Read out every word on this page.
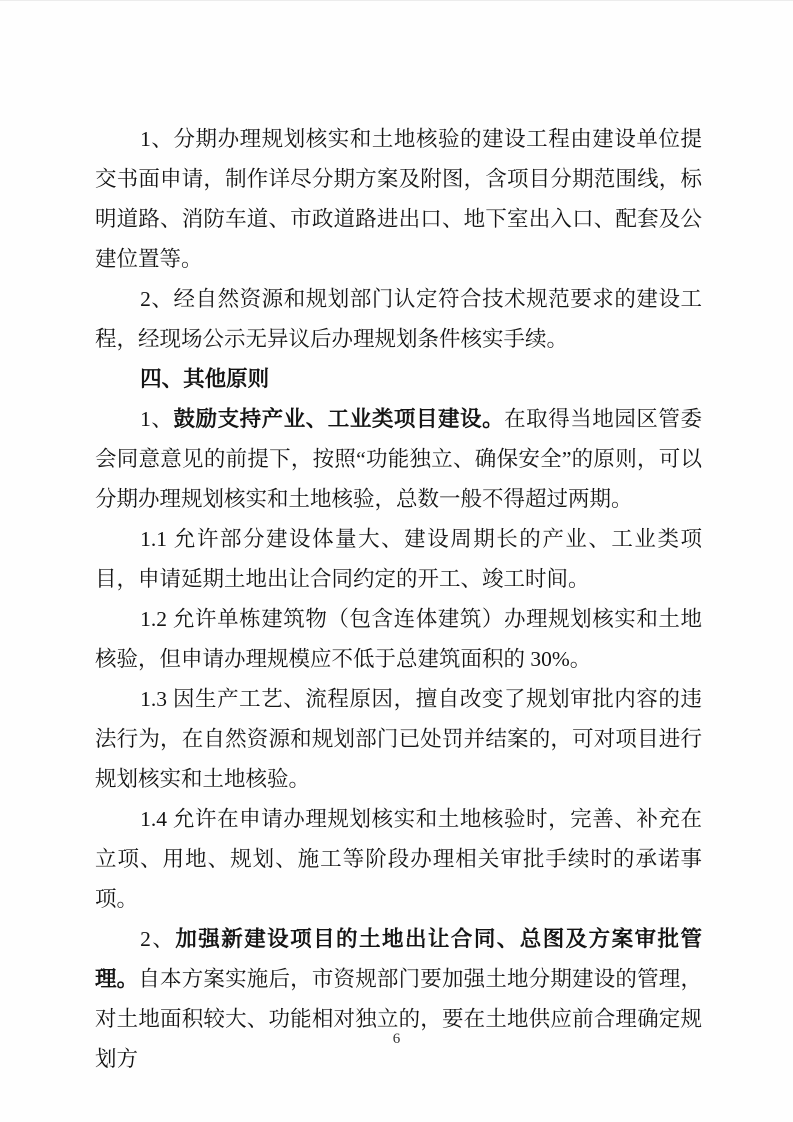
1、分期办理规划核实和土地核验的建设工程由建设单位提交书面申请，制作详尽分期方案及附图，含项目分期范围线，标明道路、消防车道、市政道路进出口、地下室出入口、配套及公建位置等。

2、经自然资源和规划部门认定符合技术规范要求的建设工程，经现场公示无异议后办理规划条件核实手续。

四、其他原则

1、鼓励支持产业、工业类项目建设。在取得当地园区管委会同意意见的前提下，按照“功能独立、确保安全”的原则，可以分期办理规划核实和土地核验，总数一般不得超过两期。

1.1 允许部分建设体量大、建设周期长的产业、工业类项目，申请延期土地出让合同约定的开工、竣工时间。

1.2 允许单栋建筑物（包含连体建筑）办理规划核实和土地核验，但申请办理规模应不低于总建筑面积的 30%。

1.3 因生产工艺、流程原因，擅自改变了规划审批内容的违法行为，在自然资源和规划部门已处罚并结案的，可对项目进行规划核实和土地核验。

1.4 允许在申请办理规划核实和土地核验时，完善、补充在立项、用地、规划、施工等阶段办理相关审批手续时的承诺事项。

2、加强新建设项目的土地出让合同、总图及方案审批管理。自本方案实施后，市资规部门要加强土地分期建设的管理，对土地面积较大、功能相对独立的，要在土地供应前合理确定规划方

6
